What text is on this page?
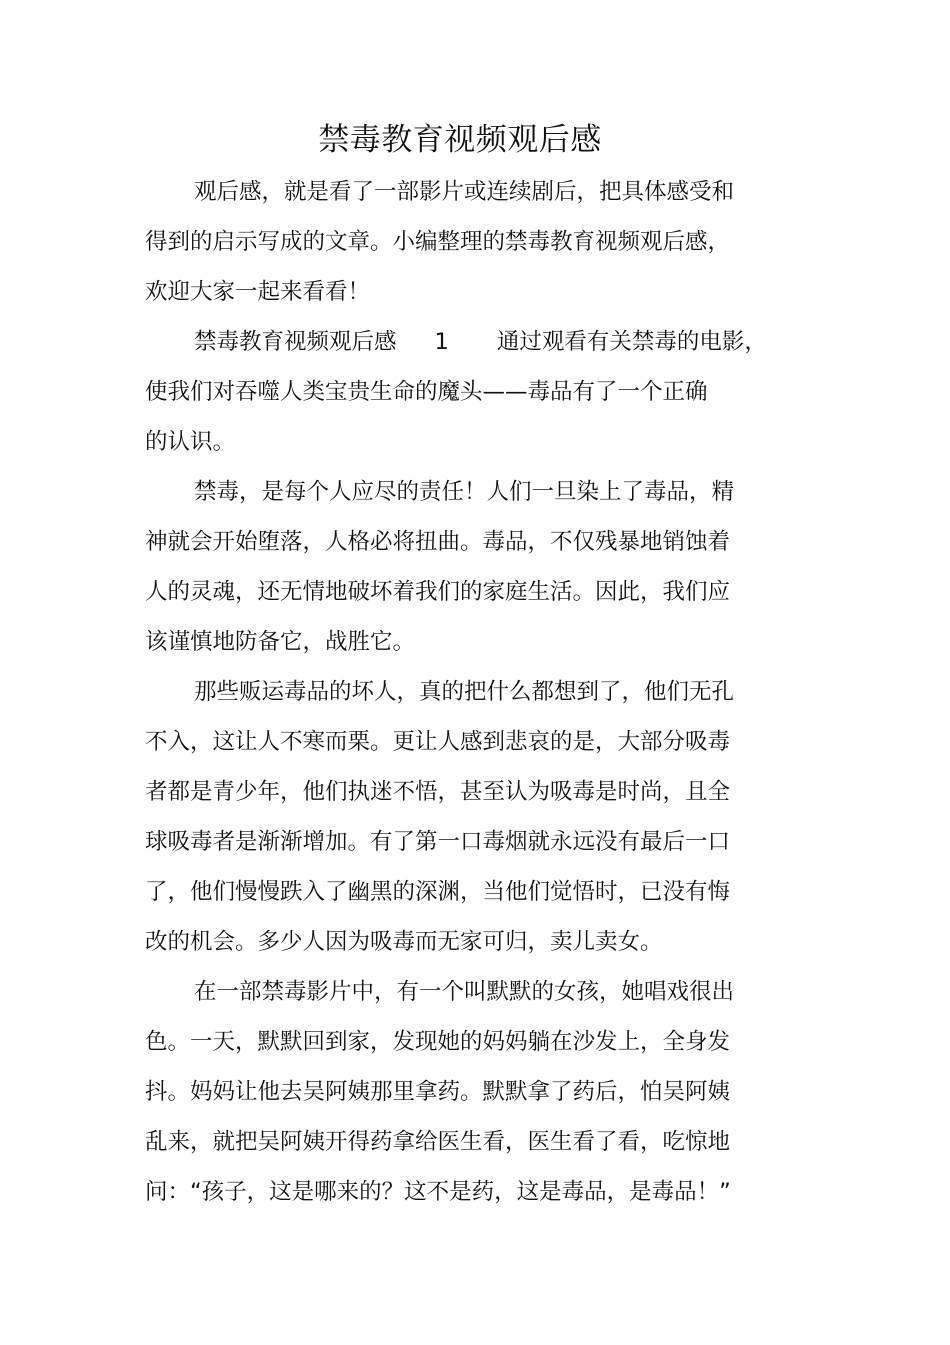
禁毒教育视频观后感

观后感，就是看了一部影片或连续剧后，把具体感受和

得到的启示写成的文章。小编整理的禁毒教育视频观后感，

欢迎大家一起来看看！

禁毒教育视频观后感 1 通过观看有关禁毒的电影，

使我们对吞噬人类宝贵生命的魔头——毒品有了一个正确

的认识。

禁毒，是每个人应尽的责任！人们一旦染上了毒品，精

神就会开始堕落，人格必将扭曲。毒品，不仅残暴地销蚀着

人的灵魂，还无情地破坏着我们的家庭生活。因此，我们应

该谨慎地防备它，战胜它。

那些贩运毒品的坏人，真的把什么都想到了，他们无孔

不入，这让人不寒而栗。更让人感到悲哀的是，大部分吸毒

者都是青少年，他们执迷不悟，甚至认为吸毒是时尚，且全

球吸毒者是渐渐增加。有了第一口毒烟就永远没有最后一口

了，他们慢慢跌入了幽黑的深渊，当他们觉悟时，已没有悔

改的机会。多少人因为吸毒而无家可归，卖儿卖女。

在一部禁毒影片中，有一个叫默默的女孩，她唱戏很出

色。一天，默默回到家，发现她的妈妈躺在沙发上，全身发

抖。妈妈让他去吴阿姨那里拿药。默默拿了药后，怕吴阿姨

乱来，就把吴阿姨开得药拿给医生看，医生看了看，吃惊地

问：“孩子，这是哪来的？这不是药，这是毒品，是毒品！”
